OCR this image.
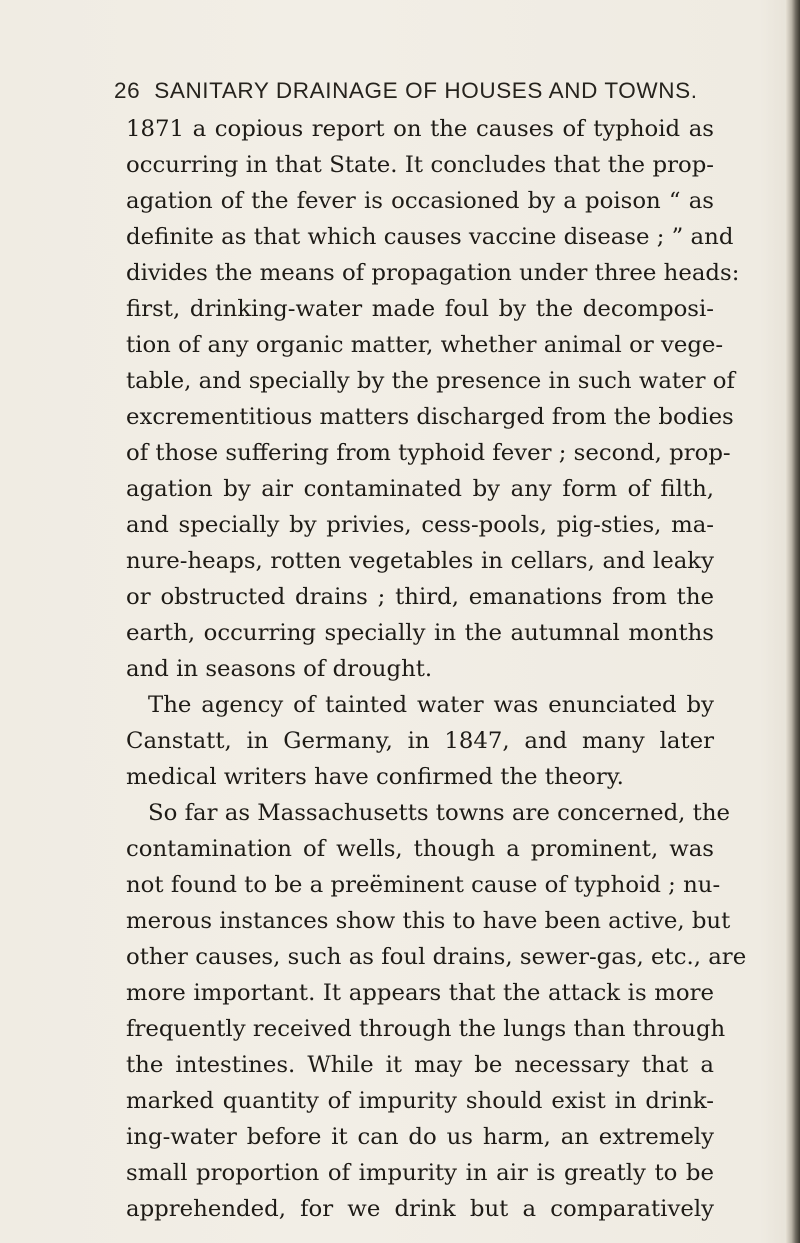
26 SANITARY DRAINAGE OF HOUSES AND TOWNS.
1871 a copious report on the causes of typhoid as
occurring in that State. It concludes that the prop-
agation of the fever is occasioned by a poison “ as
definite as that which causes vaccine disease ; ” and
divides the means of propagation under three heads:
first, drinking-water made foul by the decomposi-
tion of any organic matter, whether animal or vege-
table, and specially by the presence in such water of
excrementitious matters discharged from the bodies
of those suffering from typhoid fever ; second, prop-
agation by air contaminated by any form of filth,
and specially by privies, cess-pools, pig-sties, ma-
nure-heaps, rotten vegetables in cellars, and leaky
or obstructed drains ; third, emanations from the
earth, occurring specially in the autumnal months
and in seasons of drought.
The agency of tainted water was enunciated by
Canstatt, in Germany, in 1847, and many later
medical writers have confirmed the theory.
So far as Massachusetts towns are concerned, the
contamination of wells, though a prominent, was
not found to be a preëminent cause of typhoid ; nu-
merous instances show this to have been active, but
other causes, such as foul drains, sewer-gas, etc., are
more important. It appears that the attack is more
frequently received through the lungs than through
the intestines. While it may be necessary that a
marked quantity of impurity should exist in drink-
ing-water before it can do us harm, an extremely
small proportion of impurity in air is greatly to be
apprehended, for we drink but a comparatively
